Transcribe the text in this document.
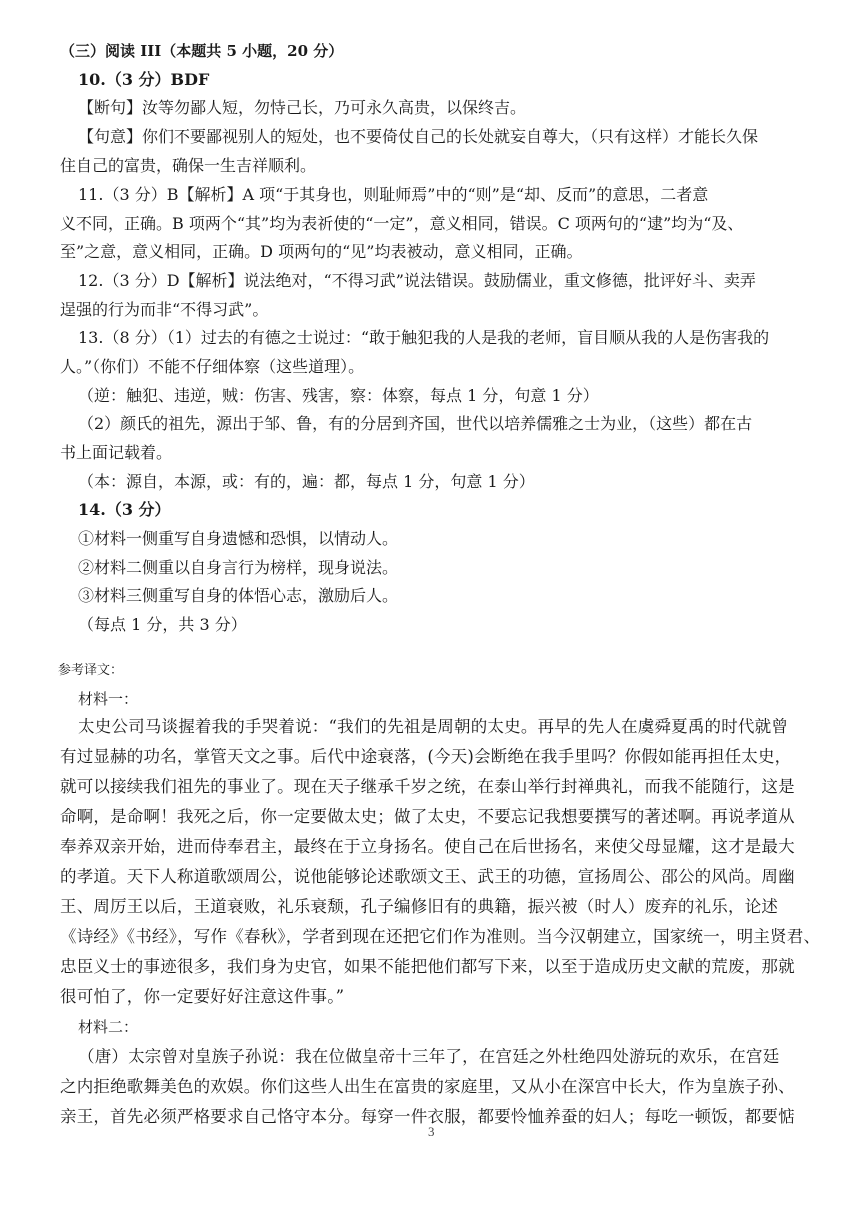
（三）阅读 III（本题共 5 小题，20 分）
10.（3 分）BDF
【断句】汝等勿鄙人短，勿恃己长，乃可永久高贵，以保终吉。
【句意】你们不要鄙视别人的短处，也不要倚仗自己的长处就妄自尊大，（只有这样）才能长久保
住自己的富贵，确保一生吉祥顺利。
11.（3 分）B【解析】A 项“于其身也，则耻师焉”中的“则”是“却、反而”的意思，二者意
义不同，正确。B 项两个“其”均为表祈使的“一定”，意义相同，错误。C 项两句的“逮”均为“及、
至”之意，意义相同，正确。D 项两句的“见”均表被动，意义相同，正确。
12.（3 分）D【解析】说法绝对，“不得习武”说法错误。鼓励儒业，重文修德，批评好斗、卖弄
逞强的行为而非“不得习武”。
13.（8 分）（1）过去的有德之士说过：“敢于触犯我的人是我的老师，盲目顺从我的人是伤害我的
人。”（你们）不能不仔细体察（这些道理）。
（逆：触犯、违逆，贼：伤害、残害，察：体察，每点 1 分，句意 1 分）
（2）颜氏的祖先，源出于邹、鲁，有的分居到齐国，世代以培养儒雅之士为业，（这些）都在古
书上面记载着。
（本：源自，本源，或：有的，遍：都，每点 1 分，句意 1 分）
14.（3 分）
①材料一侧重写自身遗憾和恐惧，以情动人。
②材料二侧重以自身言行为榜样，现身说法。
③材料三侧重写自身的体悟心志，激励后人。
（每点 1 分，共 3 分）
参考译文：
材料一：
太史公司马谈握着我的手哭着说：“我们的先祖是周朝的太史。再早的先人在虞舜夏禹的时代就曾
有过显赫的功名，掌管天文之事。后代中途衰落，(今天)会断绝在我手里吗？你假如能再担任太史，
就可以接续我们祖先的事业了。现在天子继承千岁之统，在泰山举行封禅典礼，而我不能随行，这是
命啊，是命啊！我死之后，你一定要做太史；做了太史，不要忘记我想要撰写的著述啊。再说孝道从
奉养双亲开始，进而侍奉君主，最终在于立身扬名。使自己在后世扬名，来使父母显耀，这才是最大
的孝道。天下人称道歌颂周公，说他能够论述歌颂文王、武王的功德，宣扬周公、邵公的风尚。周幽
王、周厉王以后，王道衰败，礼乐衰颓，孔子编修旧有的典籍，振兴被（时人）废弃的礼乐，论述
《诗经》《书经》，写作《春秋》，学者到现在还把它们作为准则。当今汉朝建立，国家统一，明主贤君、
忠臣义士的事迹很多，我们身为史官，如果不能把他们都写下来，以至于造成历史文献的荒废，那就
很可怕了，你一定要好好注意这件事。”
材料二：
（唐）太宗曾对皇族子孙说：我在位做皇帝十三年了，在宫廷之外杜绝四处游玩的欢乐，在宫廷
之内拒绝歌舞美色的欢娱。你们这些人出生在富贵的家庭里，又从小在深宫中长大，作为皇族子孙、
亲王，首先必须严格要求自己恪守本分。每穿一件衣服，都要怜恤养蚕的妇人；每吃一顿饭，都要惦
3
